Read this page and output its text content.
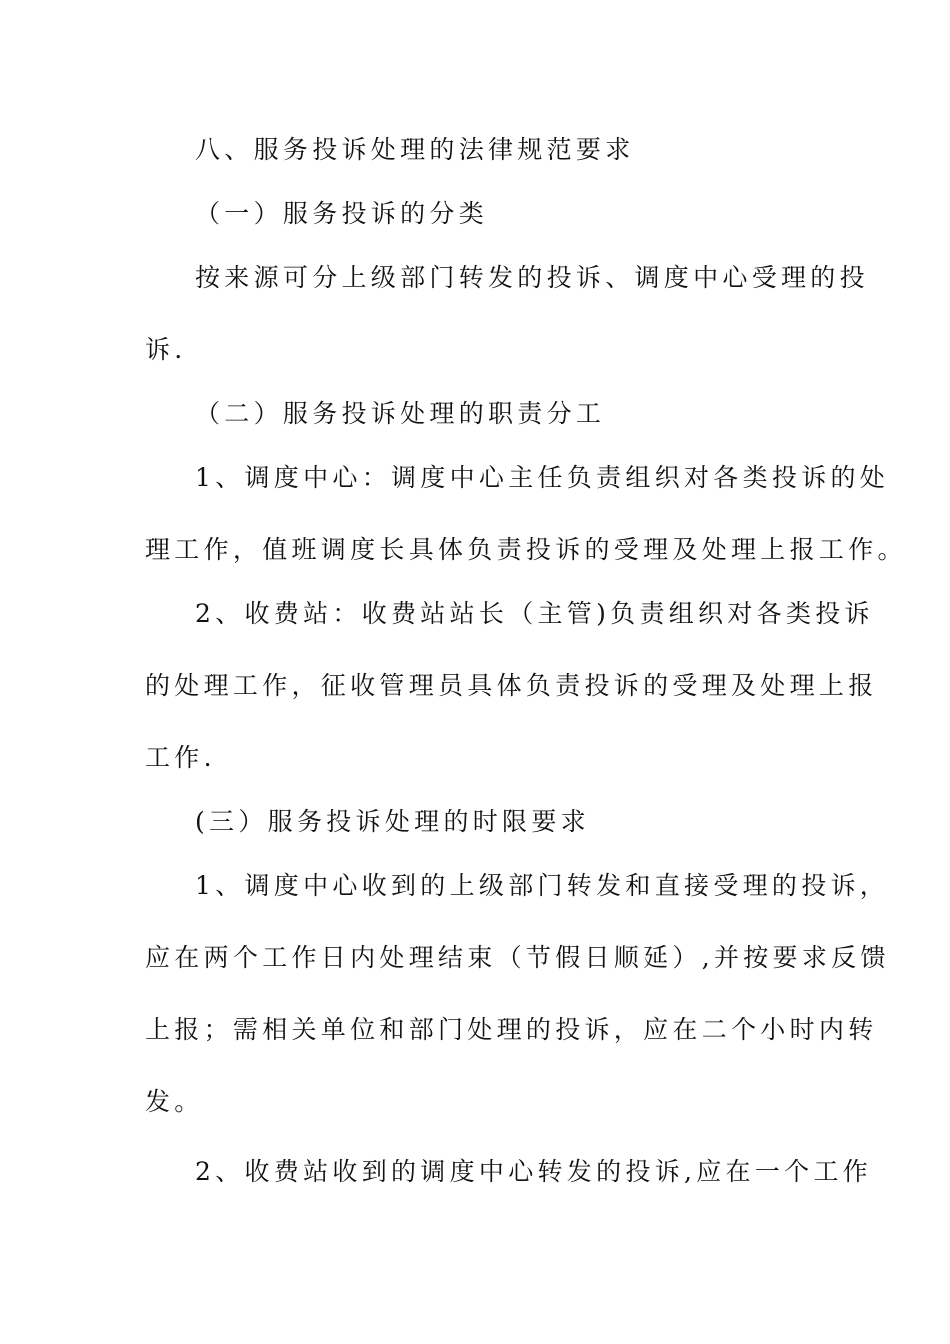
八、服务投诉处理的法律规范要求
（一）服务投诉的分类
按来源可分上级部门转发的投诉、调度中心受理的投
诉.
（二）服务投诉处理的职责分工
1、调度中心：调度中心主任负责组织对各类投诉的处
理工作，值班调度长具体负责投诉的受理及处理上报工作。
2、收费站：收费站站长（主管)负责组织对各类投诉
的处理工作，征收管理员具体负责投诉的受理及处理上报
工作.
(三）服务投诉处理的时限要求
1、调度中心收到的上级部门转发和直接受理的投诉，
应在两个工作日内处理结束（节假日顺延）,并按要求反馈
上报；需相关单位和部门处理的投诉，应在二个小时内转
发。
2、收费站收到的调度中心转发的投诉,应在一个工作
